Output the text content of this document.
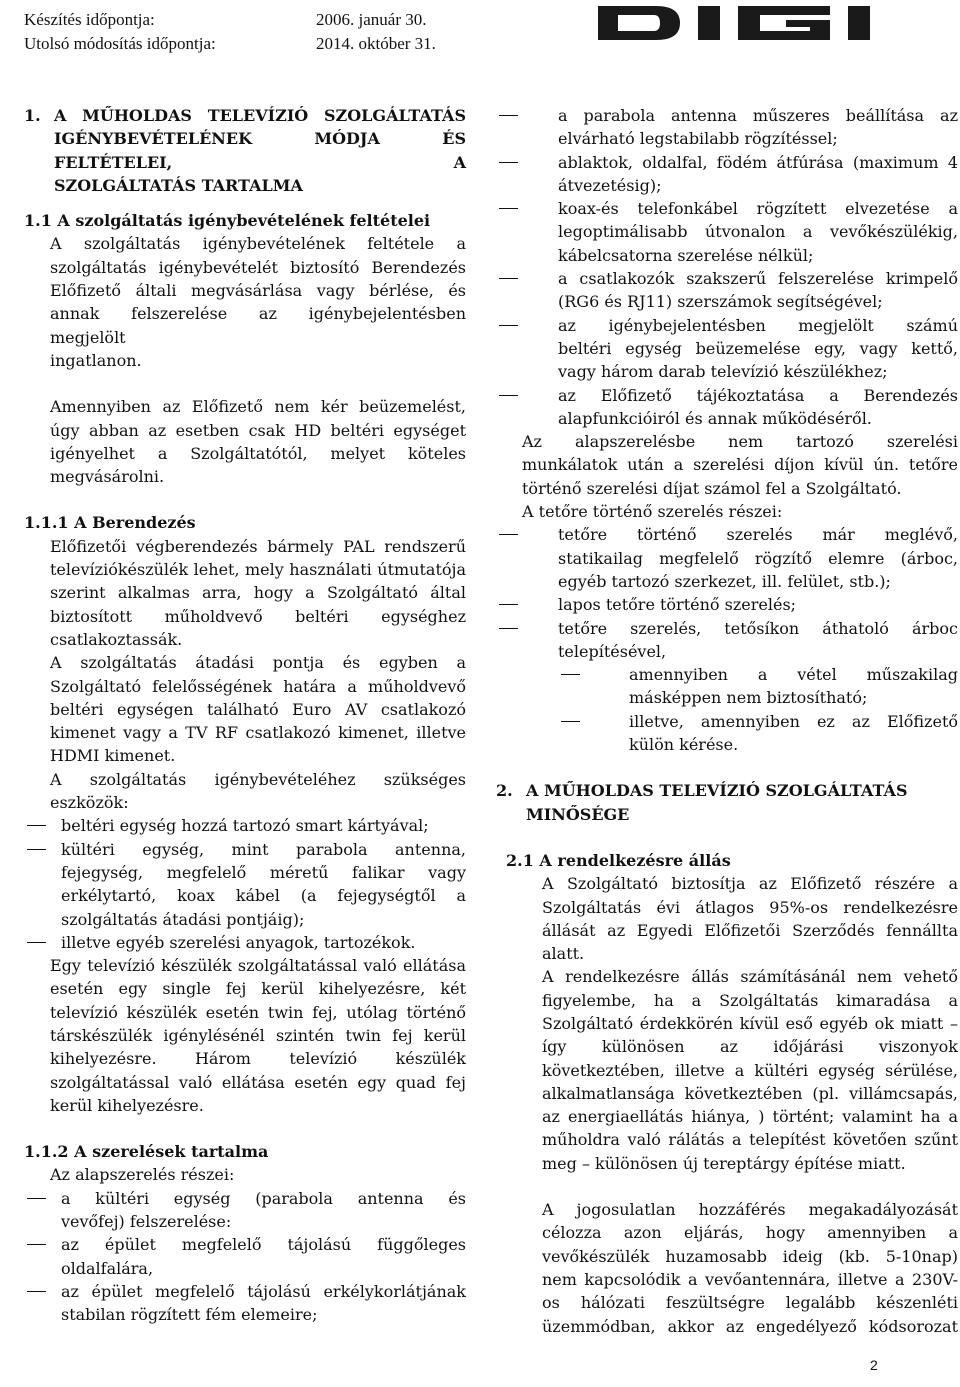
Készítés időpontja:	2006. január 30.
Utolsó módosítás időpontja:	2014. október 31.
1. A MŰHOLDAS TELEVÍZIÓ SZOLGÁLTATÁS

IGÉNYBEVÉTELÉNEK MÓDJA ÉS FELTÉTELEI, A

SZOLGÁLTATÁS TARTALMA

1.1 A szolgáltatás igénybevételének feltételei

A szolgáltatás igénybevételének feltétele a

szolgáltatás igénybevételét biztosító Berendezés

Előfizető általi megvásárlása vagy bérlése, és

annak felszerelése az igénybejelentésben megjelölt

ingatlanon.

Amennyiben az Előfizető nem kér beüzemelést,

úgy abban az esetben csak HD beltéri egységet

igényelhet a Szolgáltatótól, melyet köteles

megvásárolni.

1.1.1 A Berendezés

Előfizetői végberendezés bármely PAL rendszerű

televíziókészülék lehet, mely használati útmutatója

szerint alkalmas arra, hogy a Szolgáltató által

biztosított műholdvevő beltéri egységhez

csatlakoztassák.

A szolgáltatás átadási pontja és egyben a

Szolgáltató felelősségének határa a műholdvevő

beltéri egységen található Euro AV csatlakozó

kimenet vagy a TV RF csatlakozó kimenet, illetve

HDMI kimenet.

A szolgáltatás igénybevételéhez szükséges

eszközök:

beltéri egység hozzá tartozó smart kártyával;

kültéri egység, mint parabola antenna,

fejegység, megfelelő méretű falikar vagy

erkélytartó, koax kábel (a fejegységtől a

szolgáltatás átadási pontjáig);

illetve egyéb szerelési anyagok, tartozékok.

Egy televízió készülék szolgáltatással való ellátása

esetén egy single fej kerül kihelyezésre, két

televízió készülék esetén twin fej, utólag történő

társkészülék igénylésénél szintén twin fej kerül

kihelyezésre. Három televízió készülék

szolgáltatással való ellátása esetén egy quad fej

kerül kihelyezésre.

1.1.2 A szerelések tartalma

Az alapszerelés részei:

a kültéri egység (parabola antenna és

vevőfej) felszerelése:

az épület megfelelő tájolású függőleges

oldalfalára,

az épület megfelelő tájolású erkélykorlátjának

stabilan rögzített fém elemeire;

a parabola antenna műszeres beállítása az

elvárható legstabilabb rögzítéssel;

ablaktok, oldalfal, födém átfúrása (maximum 4

átvezetésig);

koax-és telefonkábel rögzített elvezetése a

legoptimálisabb útvonalon a vevőkészülékig,

kábelcsatorna szerelése nélkül;

a csatlakozók szakszerű felszerelése krimpelő

(RG6 és RJ11) szerszámok segítségével;

az igénybejelentésben megjelölt számú

beltéri egység beüzemelése egy, vagy kettő,

vagy három darab televízió készülékhez;

az Előfizető tájékoztatása a Berendezés

alapfunkcióiról és annak működéséről.

Az alapszerelésbe nem tartozó szerelési

munkálatok után a szerelési díjon kívül ún. tetőre

történő szerelési díjat számol fel a Szolgáltató.

A tetőre történő szerelés részei:

tetőre történő szerelés már meglévő,

statikailag megfelelő rögzítő elemre (árboc,

egyéb tartozó szerkezet, ill. felület, stb.);

lapos tetőre történő szerelés;

tetőre szerelés, tetősíkon áthatoló árboc

telepítésével,

amennyiben a vétel műszakilag

másképpen nem biztosítható;

illetve, amennyiben ez az Előfizető

külön kérése.

2. A MŰHOLDAS TELEVÍZIÓ SZOLGÁLTATÁS

MINŐSÉGE

2.1 A rendelkezésre állás

A Szolgáltató biztosítja az Előfizető részére a

Szolgáltatás évi átlagos 95%-os rendelkezésre

állását az Egyedi Előfizetői Szerződés fennállta

alatt.

A rendelkezésre állás számításánál nem vehető

figyelembe, ha a Szolgáltatás kimaradása a

Szolgáltató érdekkörén kívül eső egyéb ok miatt –

így különösen az időjárási viszonyok

következtében, illetve a kültéri egység sérülése,

alkalmatlansága következtében (pl. villámcsapás,

az energiaellátás hiánya, ) történt; valamint ha a

műholdra való rálátás a telepítést követően szűnt

meg – különösen új tereptárgy építése miatt.

A jogosulatlan hozzáférés megakadályozását

célozza azon eljárás, hogy amennyiben a

vevőkészülék huzamosabb ideig (kb. 5-10nap)

nem kapcsolódik a vevőantennára, illetve a 230V-

os hálózati feszültségre legalább készenléti

üzemmódban, akkor az engedélyező kódsorozat

2
